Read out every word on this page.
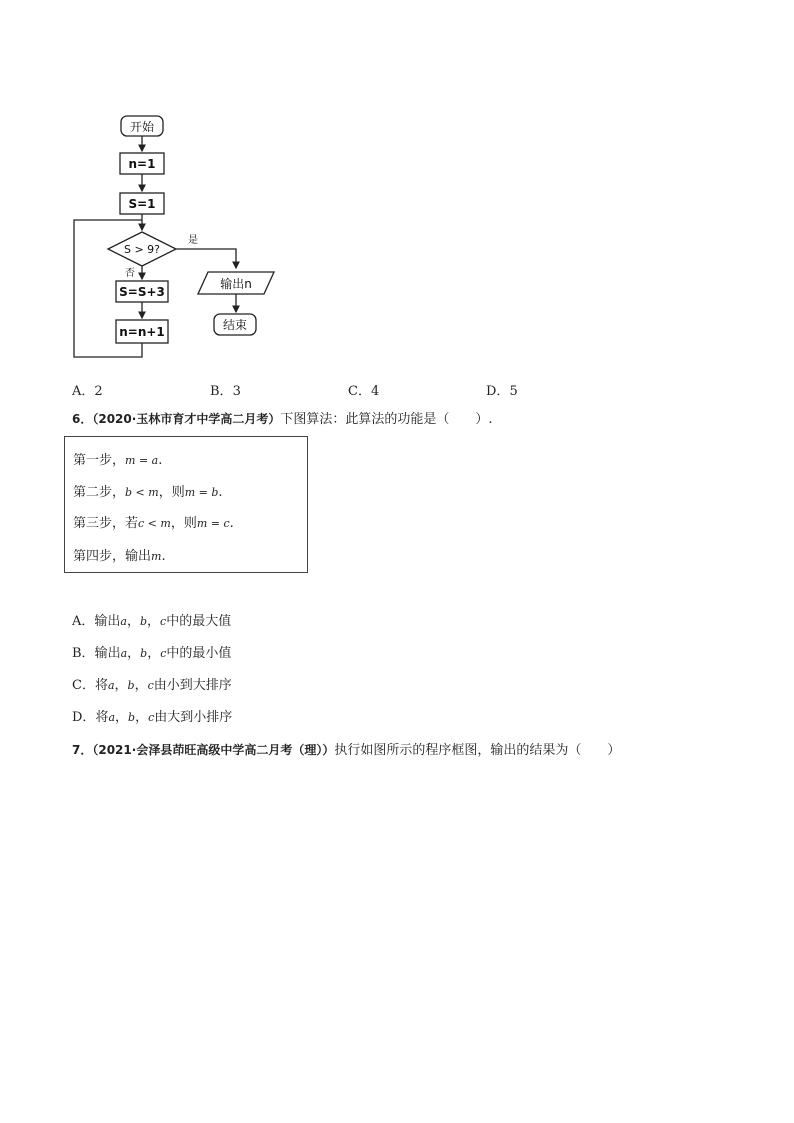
开始
n=1
S=1
S > 9?
是
否
S=S+3
n=n+1
输出n
结束
A．2	B．3	C．4	D．5
6．（2020·玉林市育才中学高二月考）下图算法：此算法的功能是（　　）.
第一步，m = a.
第二步，b < m，则m = b.
第三步，若c < m，则m = c.
第四步，输出m.
A．输出a，b，c中的最大值
B．输出a，b，c中的最小值
C．将a，b，c由小到大排序
D．将a，b，c由大到小排序
7．（2021·会泽县茚旺高级中学高二月考（理））执行如图所示的程序框图，输出的结果为（　　）
